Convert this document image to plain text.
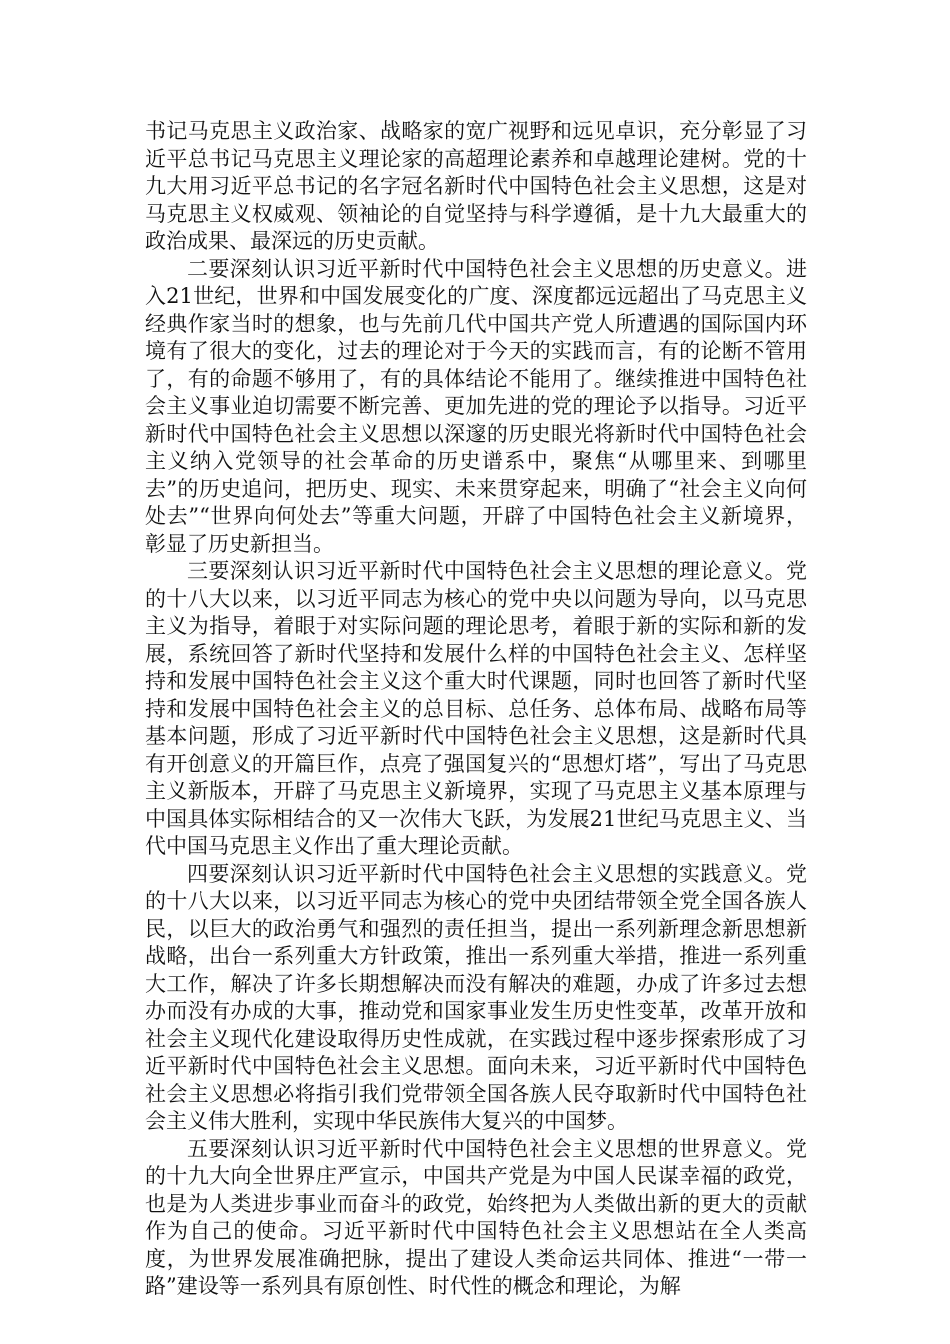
书记马克思主义政治家、战略家的宽广视野和远见卓识，充分彰显了习近平总书记马克思主义理论家的高超理论素养和卓越理论建树。党的十九大用习近平总书记的名字冠名新时代中国特色社会主义思想，这是对马克思主义权威观、领袖论的自觉坚持与科学遵循，是十九大最重大的政治成果、最深远的历史贡献。

二要深刻认识习近平新时代中国特色社会主义思想的历史意义。进入21世纪，世界和中国发展变化的广度、深度都远远超出了马克思主义经典作家当时的想象，也与先前几代中国共产党人所遭遇的国际国内环境有了很大的变化，过去的理论对于今天的实践而言，有的论断不管用了，有的命题不够用了，有的具体结论不能用了。继续推进中国特色社会主义事业迫切需要不断完善、更加先进的党的理论予以指导。习近平新时代中国特色社会主义思想以深邃的历史眼光将新时代中国特色社会主义纳入党领导的社会革命的历史谱系中，聚焦“从哪里来、到哪里去”的历史追问，把历史、现实、未来贯穿起来，明确了“社会主义向何处去”“世界向何处去”等重大问题，开辟了中国特色社会主义新境界，彰显了历史新担当。

三要深刻认识习近平新时代中国特色社会主义思想的理论意义。党的十八大以来，以习近平同志为核心的党中央以问题为导向，以马克思主义为指导，着眼于对实际问题的理论思考，着眼于新的实际和新的发展，系统回答了新时代坚持和发展什么样的中国特色社会主义、怎样坚持和发展中国特色社会主义这个重大时代课题，同时也回答了新时代坚持和发展中国特色社会主义的总目标、总任务、总体布局、战略布局等基本问题，形成了习近平新时代中国特色社会主义思想，这是新时代具有开创意义的开篇巨作，点亮了强国复兴的“思想灯塔”，写出了马克思主义新版本，开辟了马克思主义新境界，实现了马克思主义基本原理与中国具体实际相结合的又一次伟大飞跃，为发展21世纪马克思主义、当代中国马克思主义作出了重大理论贡献。

四要深刻认识习近平新时代中国特色社会主义思想的实践意义。党的十八大以来，以习近平同志为核心的党中央团结带领全党全国各族人民，以巨大的政治勇气和强烈的责任担当，提出一系列新理念新思想新战略，出台一系列重大方针政策，推出一系列重大举措，推进一系列重大工作，解决了许多长期想解决而没有解决的难题，办成了许多过去想办而没有办成的大事，推动党和国家事业发生历史性变革，改革开放和社会主义现代化建设取得历史性成就，在实践过程中逐步探索形成了习近平新时代中国特色社会主义思想。面向未来，习近平新时代中国特色社会主义思想必将指引我们党带领全国各族人民夺取新时代中国特色社会主义伟大胜利，实现中华民族伟大复兴的中国梦。

五要深刻认识习近平新时代中国特色社会主义思想的世界意义。党的十九大向全世界庄严宣示，中国共产党是为中国人民谋幸福的政党，也是为人类进步事业而奋斗的政党，始终把为人类做出新的更大的贡献作为自己的使命。习近平新时代中国特色社会主义思想站在全人类高度，为世界发展准确把脉，提出了建设人类命运共同体、推进“一带一路”建设等一系列具有原创性、时代性的概念和理论，为解
